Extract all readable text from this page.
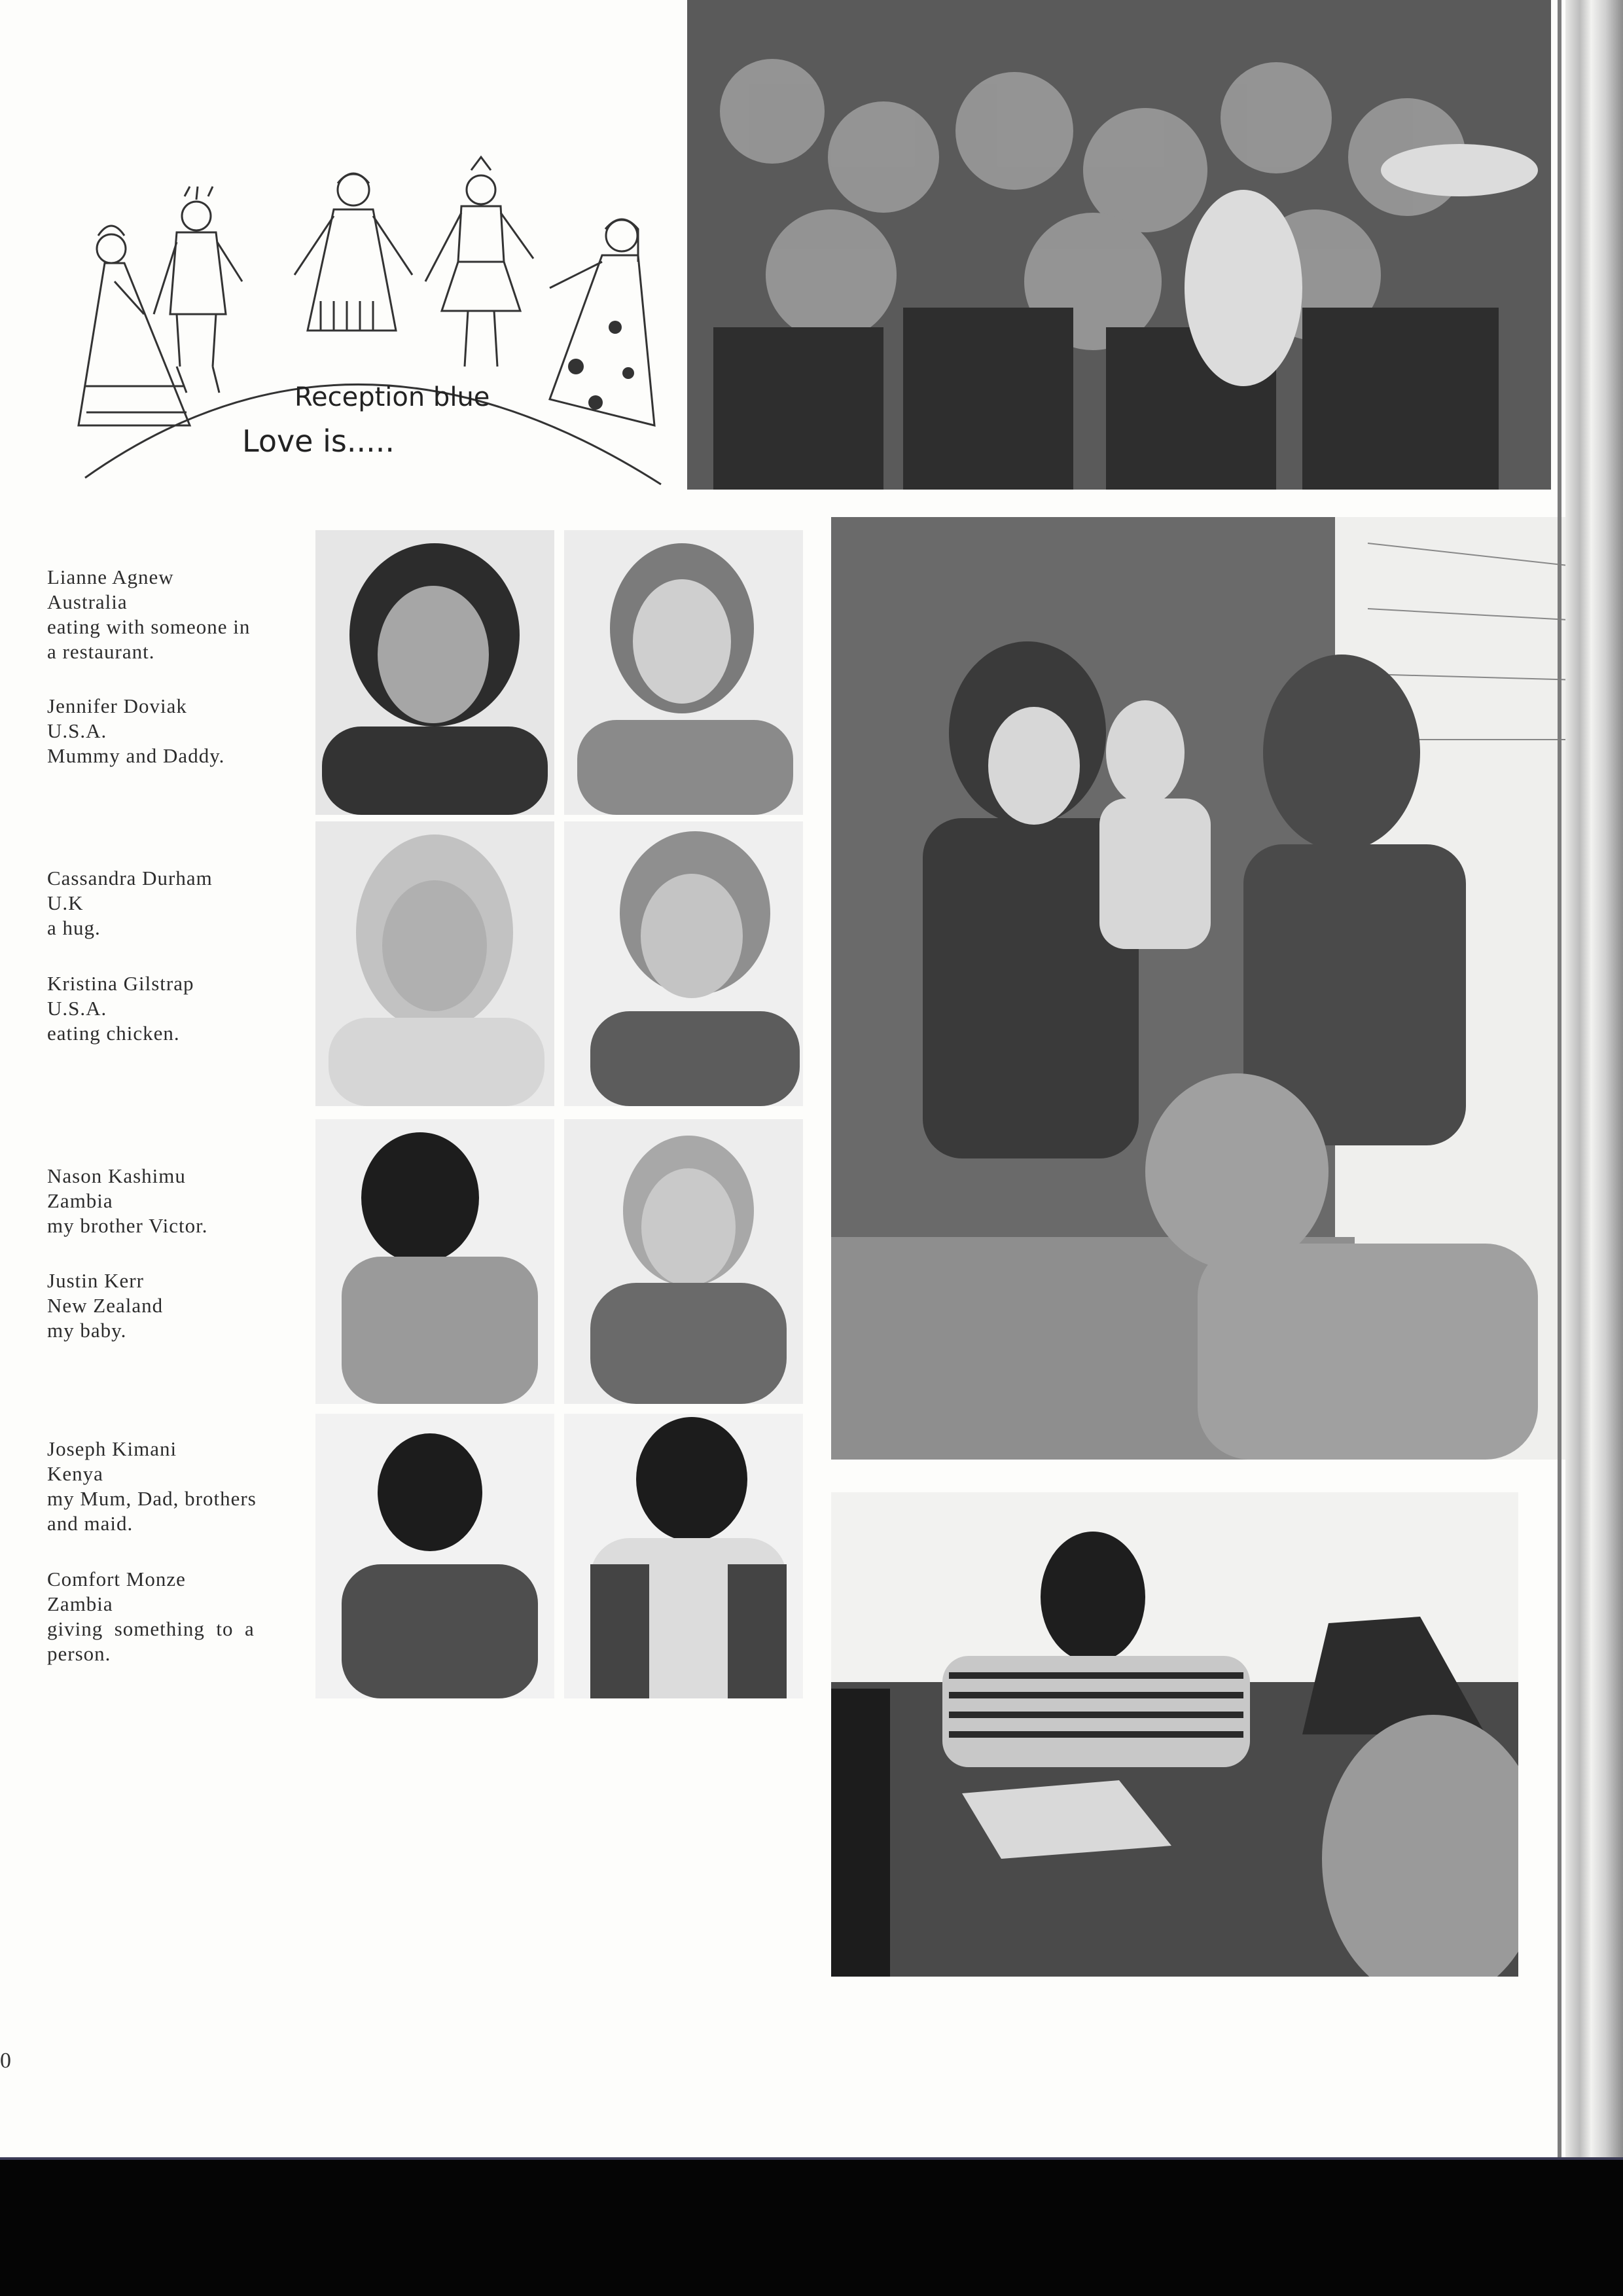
Reception blue
Love is.....
Lianne Agnew
Australia
eating with someone in
a restaurant.
Jennifer Doviak
U.S.A.
Mummy and Daddy.
Cassandra Durham
U.K
a hug.
Kristina Gilstrap
U.S.A.
eating chicken.
Nason Kashimu
Zambia
my brother Victor.
Justin Kerr
New Zealand
my baby.
Joseph Kimani
Kenya
my Mum, Dad, brothers
and maid.
Comfort Monze
Zambia
giving  something  to  a
person.
0
